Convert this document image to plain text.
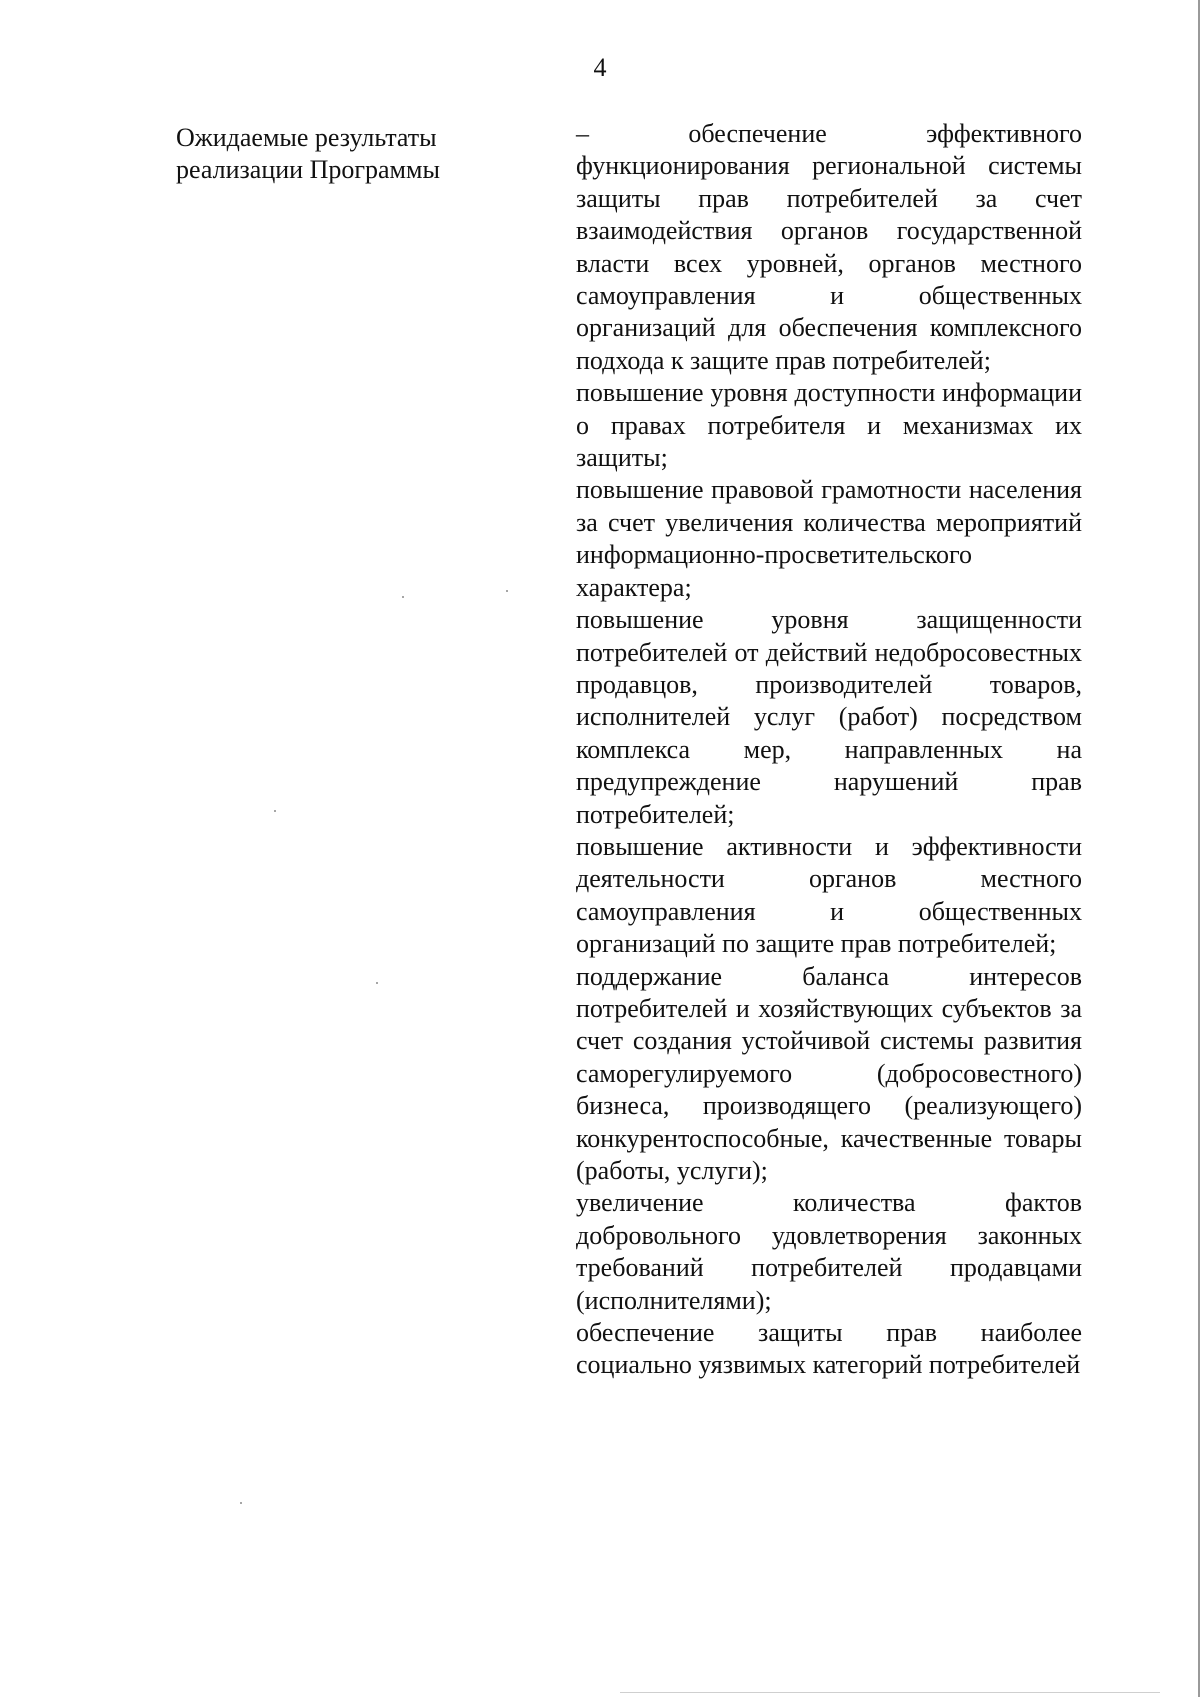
4
Ожидаемые результаты
реализации Программы
– обеспечение эффективного функционирования региональной системы защиты прав потребителей за счет взаимодействия органов государственной власти всех уровней, органов местного самоуправления и общественных организаций для обеспечения комплексного подхода к защите прав потребителей;
повышение уровня доступности информации о правах потребителя и механизмах их защиты;
повышение правовой грамотности населения за счет увеличения количества мероприятий информационно-просветительского характера;
повышение уровня защищенности потребителей от действий недобросовестных продавцов, производителей товаров, исполнителей услуг (работ) посредством комплекса мер, направленных на предупреждение нарушений прав потребителей;
повышение активности и эффективности деятельности органов местного самоуправления и общественных организаций по защите прав потребителей;
поддержание баланса интересов потребителей и хозяйствующих субъектов за счет создания устойчивой системы развития саморегулируемого (добросовестного) бизнеса, производящего (реализующего) конкурентоспособные, качественные товары (работы, услуги);
увеличение количества фактов добровольного удовлетворения законных требований потребителей продавцами (исполнителями);
обеспечение защиты прав наиболее социально уязвимых категорий потребителей
